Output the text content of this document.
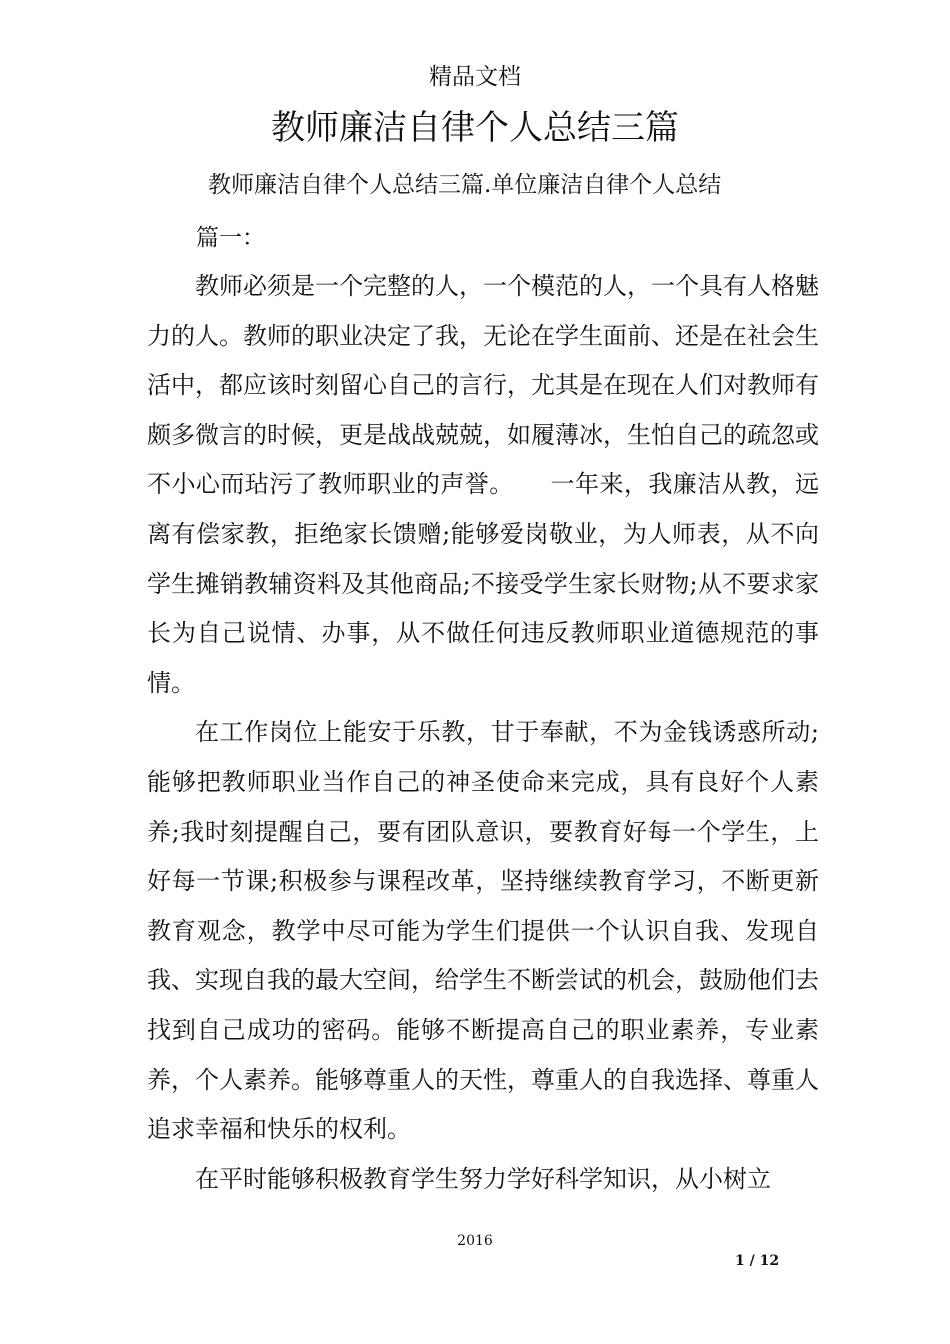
精品文档
教师廉洁自律个人总结三篇
教师廉洁自律个人总结三篇.单位廉洁自律个人总结
篇一：

教师必须是一个完整的人，一个模范的人，一个具有人格魅力的人。教师的职业决定了我，无论在学生面前、还是在社会生活中，都应该时刻留心自己的言行，尤其是在现在人们对教师有颇多微言的时候，更是战战兢兢，如履薄冰，生怕自己的疏忽或不小心而玷污了教师职业的声誉。　　一年来，我廉洁从教，远离有偿家教，拒绝家长馈赠;能够爱岗敬业，为人师表，从不向学生摊销教辅资料及其他商品;不接受学生家长财物;从不要求家长为自己说情、办事，从不做任何违反教师职业道德规范的事情。

在工作岗位上能安于乐教，甘于奉献，不为金钱诱惑所动;能够把教师职业当作自己的神圣使命来完成，具有良好个人素养;我时刻提醒自己，要有团队意识，要教育好每一个学生，上好每一节课;积极参与课程改革，坚持继续教育学习，不断更新教育观念，教学中尽可能为学生们提供一个认识自我、发现自我、实现自我的最大空间，给学生不断尝试的机会，鼓励他们去找到自己成功的密码。能够不断提高自己的职业素养，专业素养，个人素养。能够尊重人的天性，尊重人的自我选择、尊重人追求幸福和快乐的权利。

在平时能够积极教育学生努力学好科学知识，从小树立

2016
1 / 12
